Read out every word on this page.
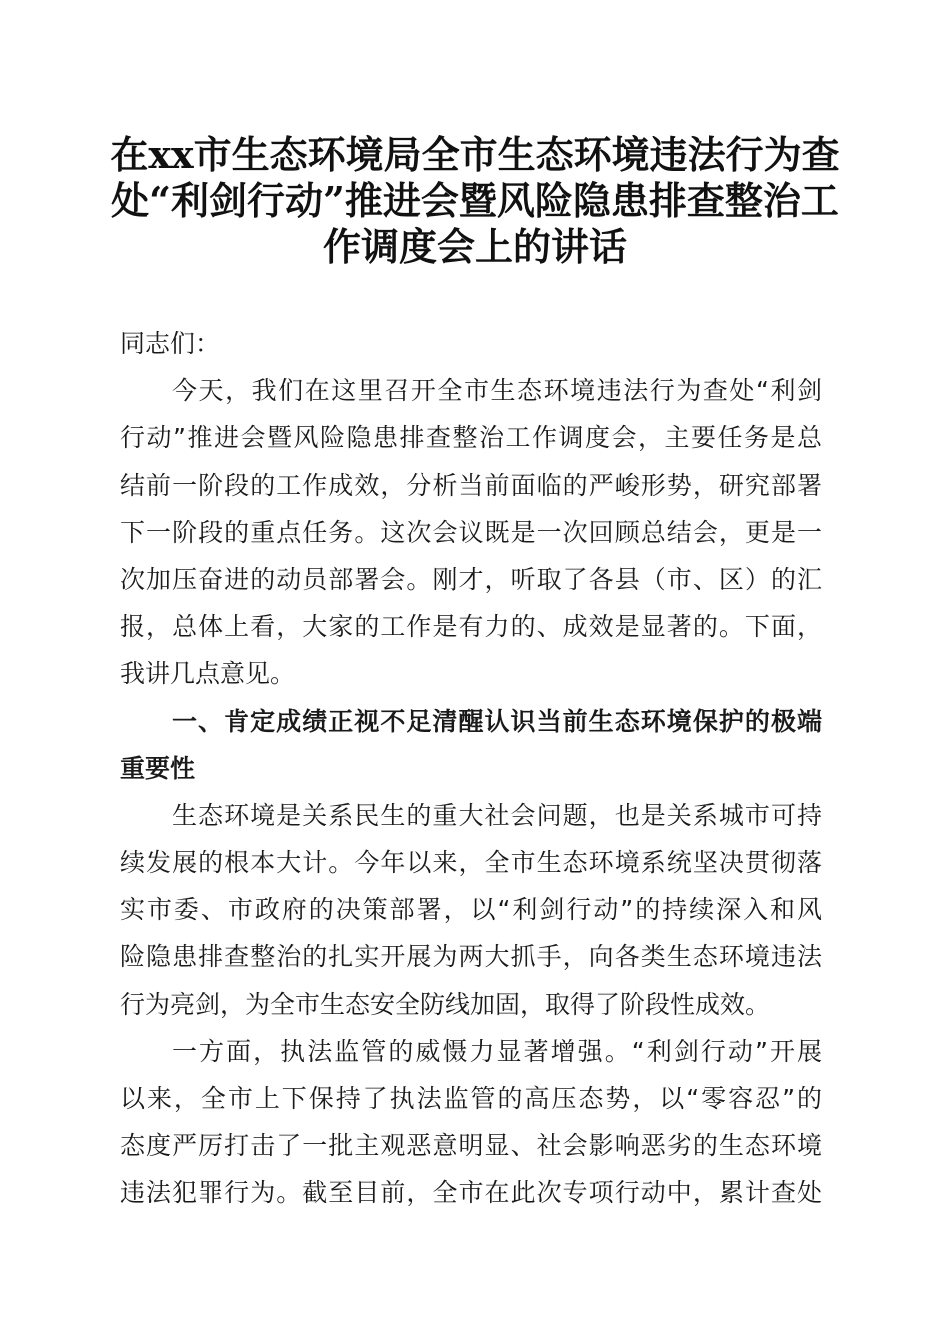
在xx市生态环境局全市生态环境违法行为查
处“利剑行动”推进会暨风险隐患排查整治工
作调度会上的讲话
同志们：
今天，我们在这里召开全市生态环境违法行为查处“利剑
行动”推进会暨风险隐患排查整治工作调度会，主要任务是总
结前一阶段的工作成效，分析当前面临的严峻形势，研究部署
下一阶段的重点任务。这次会议既是一次回顾总结会，更是一
次加压奋进的动员部署会。刚才，听取了各县（市、区）的汇
报，总体上看，大家的工作是有力的、成效是显著的。下面，
我讲几点意见。
一、肯定成绩正视不足清醒认识当前生态环境保护的极端
重要性
生态环境是关系民生的重大社会问题，也是关系城市可持
续发展的根本大计。今年以来，全市生态环境系统坚决贯彻落
实市委、市政府的决策部署，以“利剑行动”的持续深入和风
险隐患排查整治的扎实开展为两大抓手，向各类生态环境违法
行为亮剑，为全市生态安全防线加固，取得了阶段性成效。
一方面，执法监管的威慑力显著增强。“利剑行动”开展
以来，全市上下保持了执法监管的高压态势，以“零容忍”的
态度严厉打击了一批主观恶意明显、社会影响恶劣的生态环境
违法犯罪行为。截至目前，全市在此次专项行动中，累计查处
